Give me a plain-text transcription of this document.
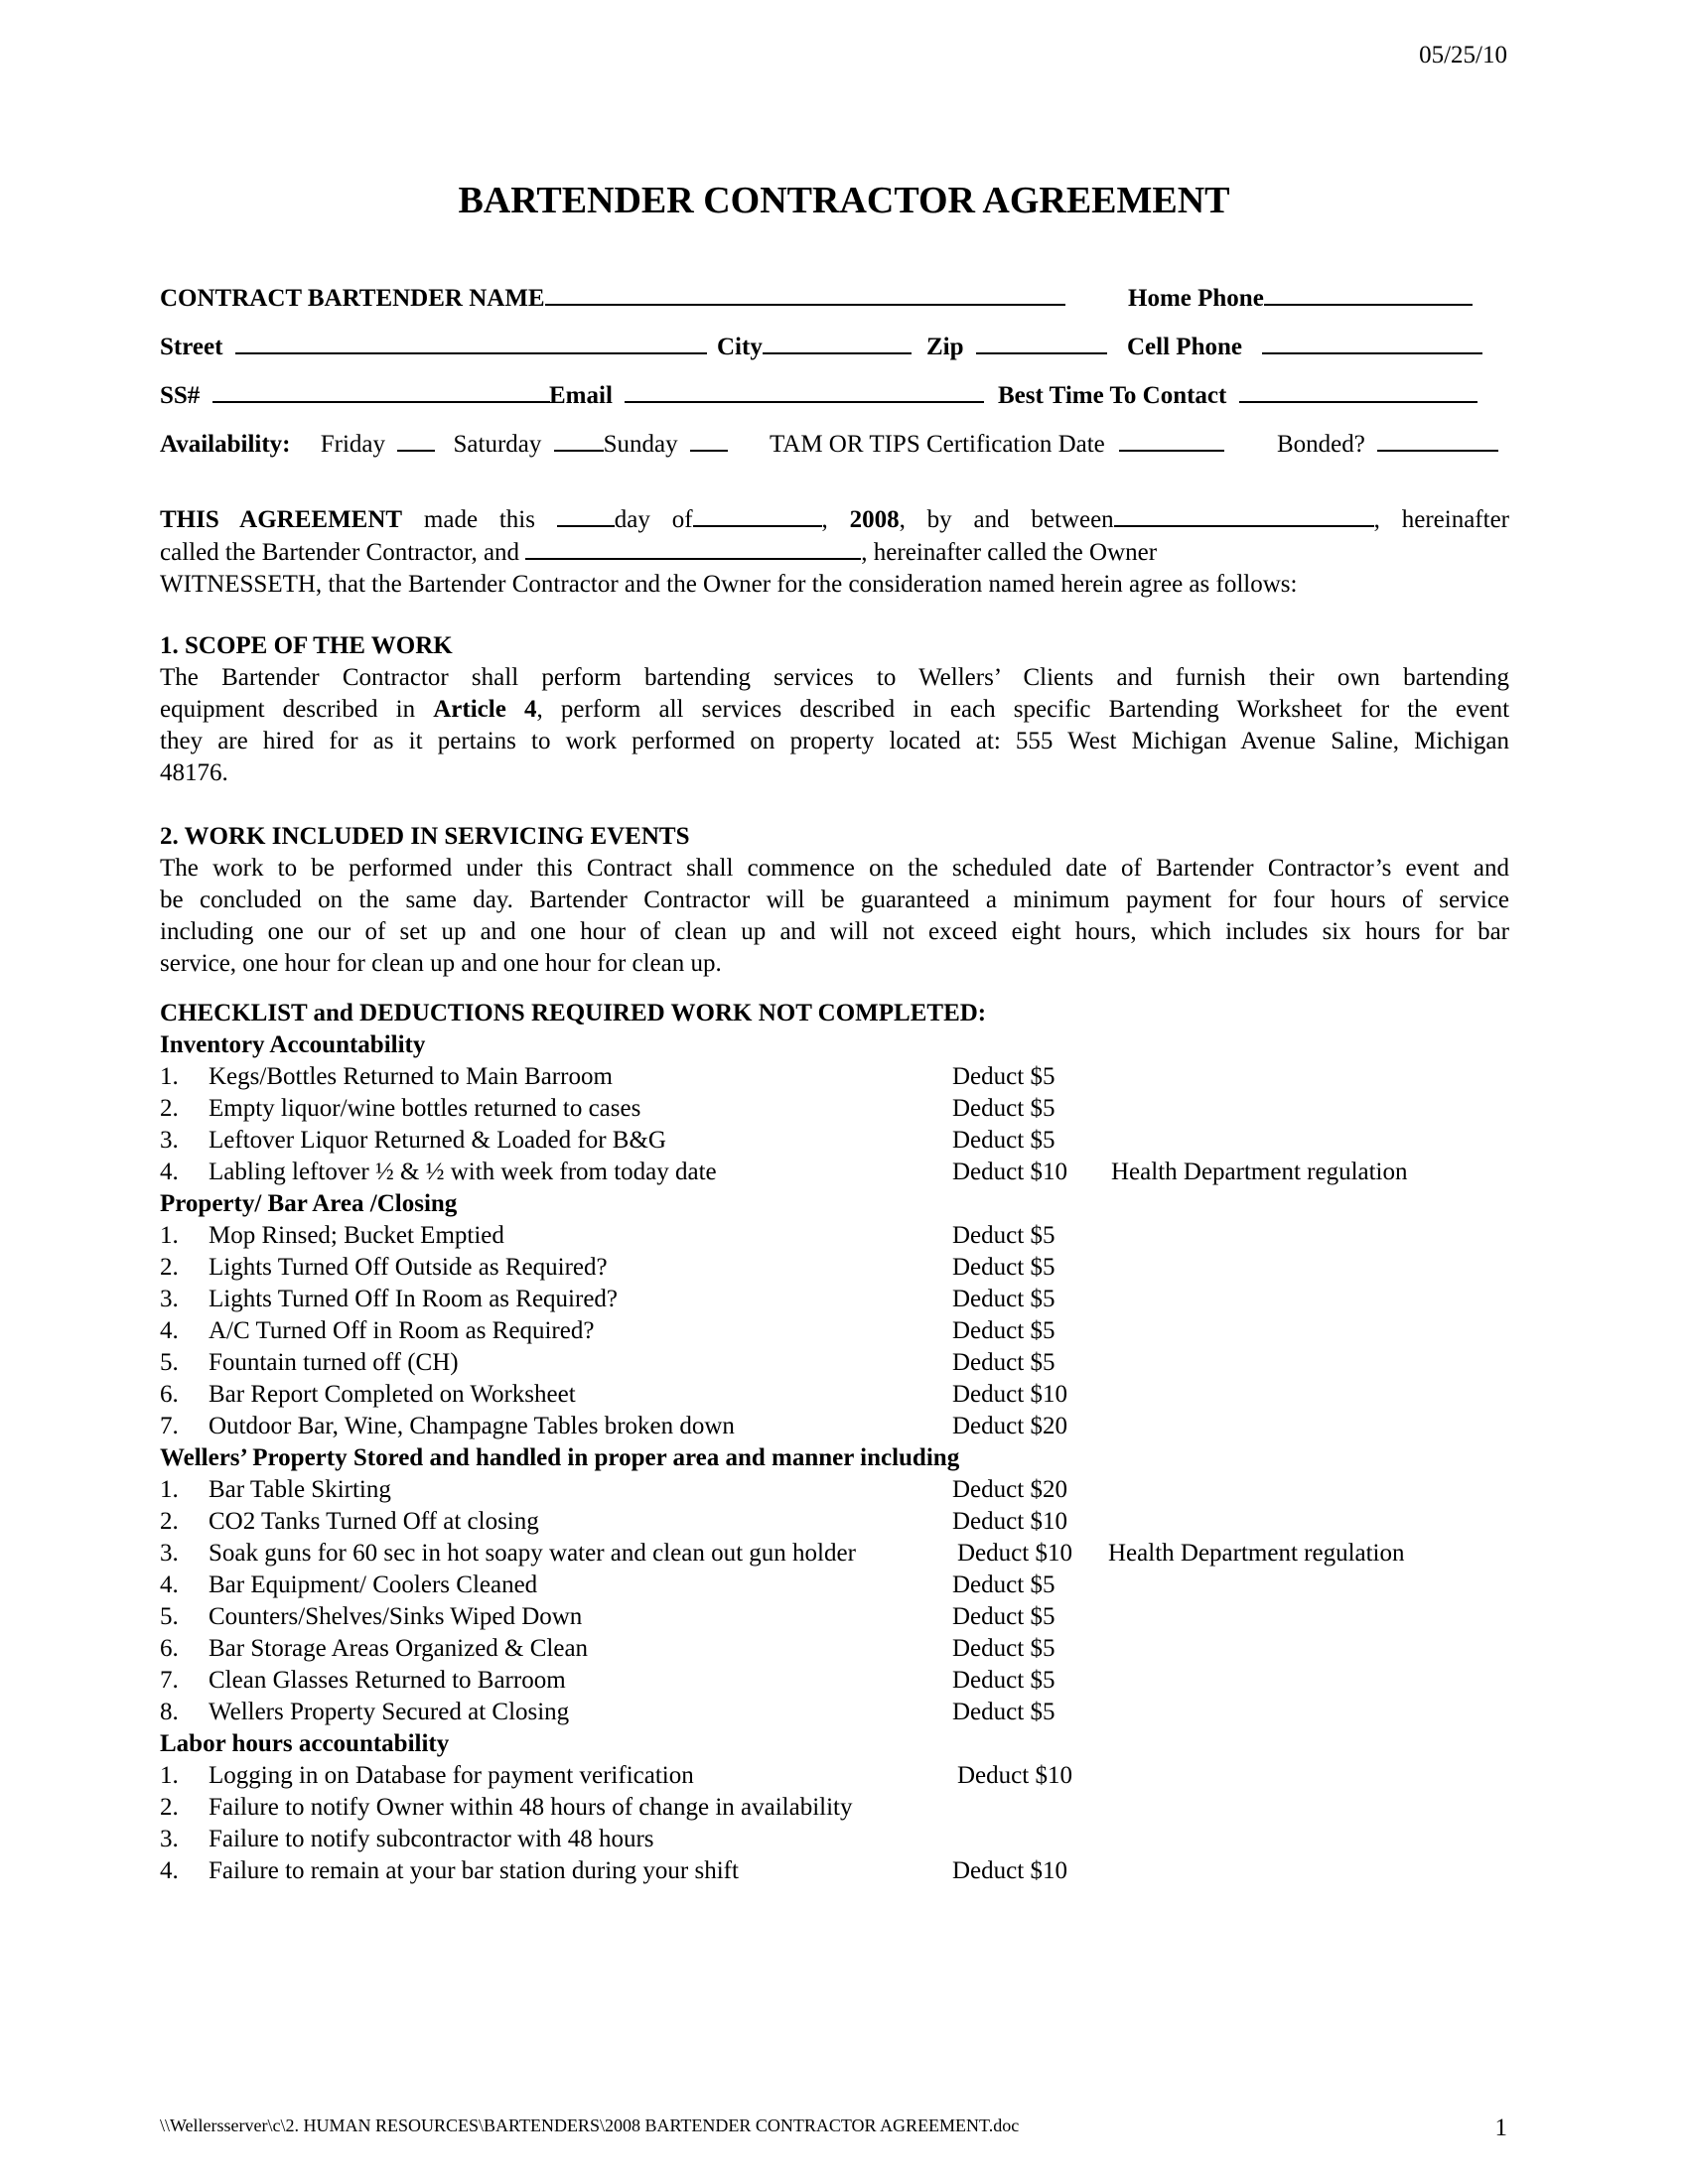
05/25/10
BARTENDER CONTRACTOR AGREEMENT
CONTRACT BARTENDER NAME	Home Phone
Street	City	Zip	Cell Phone
SS#	Email	Best Time To Contact
Availability: Friday	Saturday Sunday	TAM OR TIPS Certification Date	Bonded?
THIS AGREEMENT made this	day of	, 2008, by and between	, hereinafter
called the Bartender Contractor, and	, hereinafter called the Owner
WITNESSETH, that the Bartender Contractor and the Owner for the consideration named herein agree as follows:
1. SCOPE OF THE WORK
The Bartender Contractor shall perform bartending services to Wellers’ Clients and furnish their own bartending
equipment described in Article 4, perform all services described in each specific Bartending Worksheet for the event
they are hired for as it pertains to work performed on property located at: 555 West Michigan Avenue Saline, Michigan
48176.
2. WORK INCLUDED IN SERVICING EVENTS
The work to be performed under this Contract shall commence on the scheduled date of Bartender Contractor’s event and
be concluded on the same day. Bartender Contractor will be guaranteed a minimum payment for four hours of service
including one our of set up and one hour of clean up and will not exceed eight hours, which includes six hours for bar
service, one hour for clean up and one hour for clean up.
CHECKLIST and DEDUCTIONS REQUIRED WORK NOT COMPLETED:
Inventory Accountability
1. Kegs/Bottles Returned to Main Barroom	Deduct $5
2. Empty liquor/wine bottles returned to cases	Deduct $5
3. Leftover Liquor Returned & Loaded for B&G	Deduct $5
4. Labling leftover ½ & ½ with week from today date	Deduct $10 Health Department regulation
Property/ Bar Area /Closing
1. Mop Rinsed; Bucket Emptied	Deduct $5
2. Lights Turned Off Outside as Required?	Deduct $5
3. Lights Turned Off In Room as Required?	Deduct $5
4. A/C Turned Off in Room as Required?	Deduct $5
5. Fountain turned off (CH)	Deduct $5
6. Bar Report Completed on Worksheet	Deduct $10
7. Outdoor Bar, Wine, Champagne Tables broken down	Deduct $20
Wellers’ Property Stored and handled in proper area and manner including
1. Bar Table Skirting	Deduct $20
2. CO2 Tanks Turned Off at closing	Deduct $10
3. Soak guns for 60 sec in hot soapy water and clean out gun holder	Deduct $10 Health Department regulation
4. Bar Equipment/ Coolers Cleaned	Deduct $5
5. Counters/Shelves/Sinks Wiped Down	Deduct $5
6. Bar Storage Areas Organized & Clean	Deduct $5
7. Clean Glasses Returned to Barroom	Deduct $5
8. Wellers Property Secured at Closing	Deduct $5
Labor hours accountability
1. Logging in on Database for payment verification	Deduct $10
2. Failure to notify Owner within 48 hours of change in availability
3. Failure to notify subcontractor with 48 hours
4. Failure to remain at your bar station during your shift	Deduct $10
\\Wellersserver\c\2. HUMAN RESOURCES\BARTENDERS\2008 BARTENDER CONTRACTOR AGREEMENT.doc	1
